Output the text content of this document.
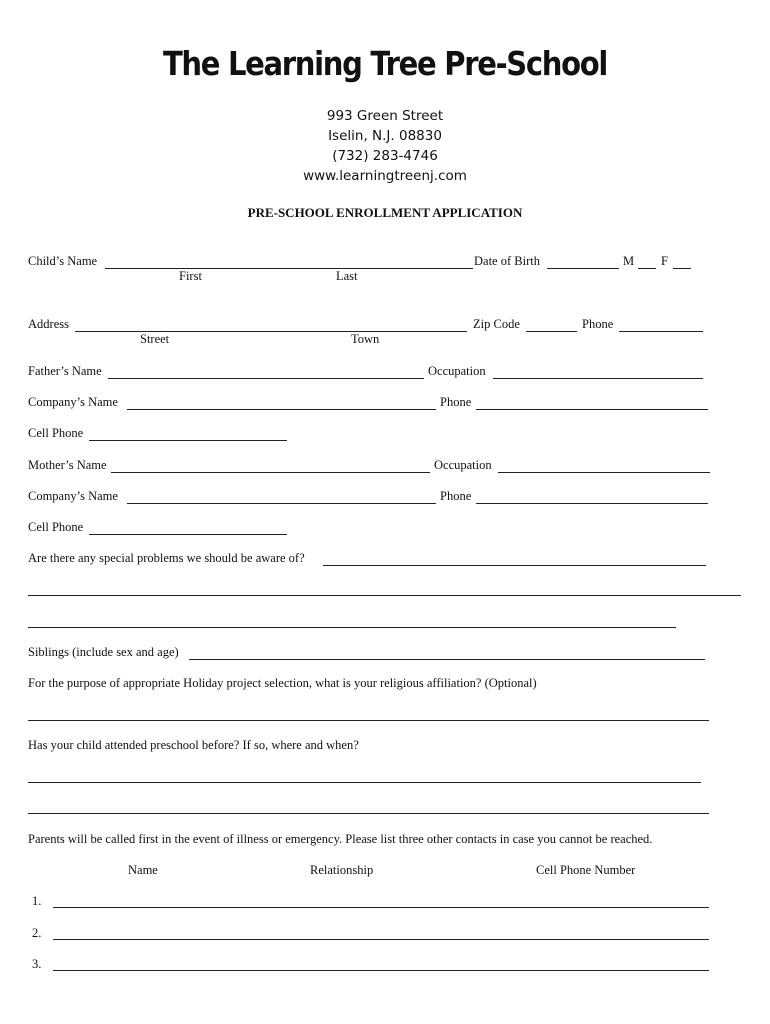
The Learning Tree Pre-School
993 Green Street
Iselin, N.J. 08830
(732) 283-4746
www.learningtreenj.com
PRE-SCHOOL ENROLLMENT APPLICATION
Child’s Name	Date of Birth	M F
First	Last
Address	Zip Code	Phone
Street	Town
Father’s Name	Occupation
Company’s Name	Phone
Cell Phone
Mother’s Name	Occupation
Company’s Name	Phone
Cell Phone
Are there any special problems we should be aware of?
Siblings (include sex and age)
For the purpose of appropriate Holiday project selection, what is your religious affiliation? (Optional)
Has your child attended preschool before? If so, where and when?
Parents will be called first in the event of illness or emergency. Please list three other contacts in case you cannot be reached.
Name	Relationship	Cell Phone Number
1.
2.
3.
